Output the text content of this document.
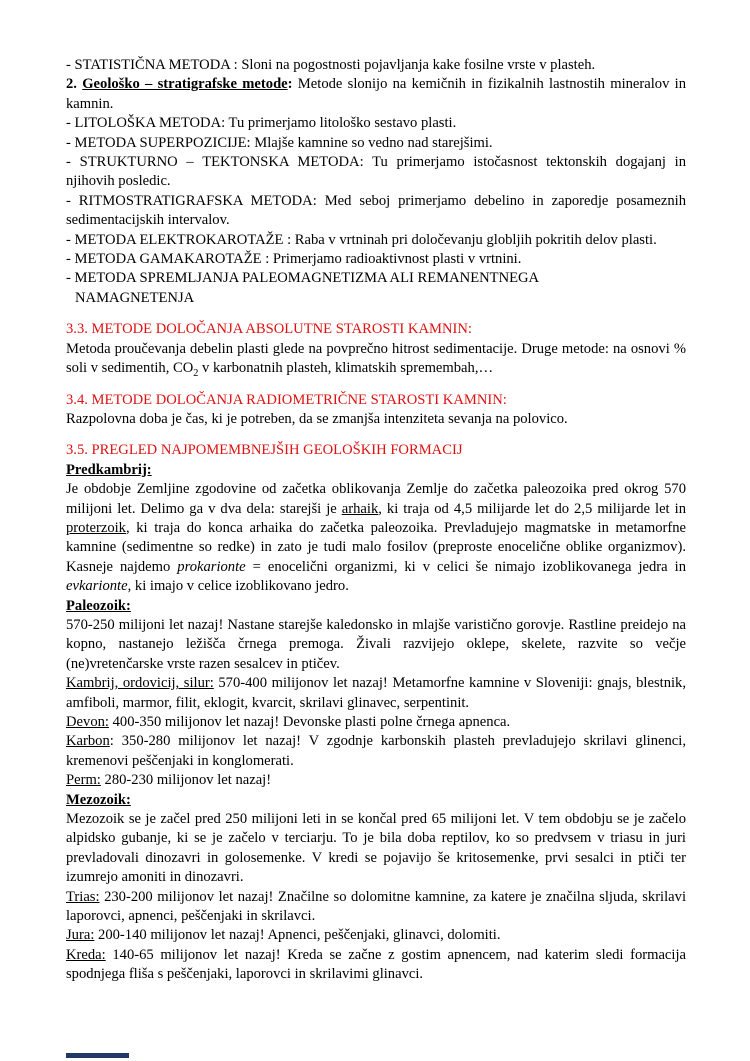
- STATISTIČNA METODA : Sloni na pogostnosti pojavljanja kake fosilne vrste v plasteh.
2. Geološko – stratigrafske metode: Metode slonijo na kemičnih in fizikalnih lastnostih mineralov in kamnin.
- LITOLOŠKA METODA: Tu primerjamo litološko sestavo plasti.
- METODA SUPERPOZICIJE: Mlajše kamnine so vedno nad starejšimi.
- STRUKTURNO – TEKTONSKA METODA: Tu primerjamo istočasnost tektonskih dogajanj in njihovih posledic.
- RITMOSTRATIGRAFSKA METODA: Med seboj primerjamo debelino in zaporedje posameznih sedimentacijskih intervalov.
- METODA ELEKTROKAROTAŽE : Raba v vrtninah pri določevanju globljih pokritih delov plasti.
- METODA GAMAKAROTAŽE : Primerjamo radioaktivnost plasti v vrtnini.
- METODA SPREMLJANJA PALEOMAGNETIZMA ALI REMANENTNEGA
NAMAGNETENJA
3.3. METODE DOLOČANJA ABSOLUTNE STAROSTI KAMNIN:
Metoda proučevanja debelin plasti glede na povprečno hitrost sedimentacije. Druge metode: na osnovi % soli v sedimentih, $CO_2$ v karbonatnih plasteh, klimatskih spremembah,…
3.4. METODE DOLOČANJA RADIOMETRIČNE STAROSTI KAMNIN:
Razpolovna doba je čas, ki je potreben, da se zmanjša intenziteta sevanja na polovico.
3.5. PREGLED NAJPOMEMBNEJŠIH GEOLOŠKIH FORMACIJ
Predkambrij:
Je obdobje Zemljine zgodovine od začetka oblikovanja Zemlje do začetka paleozoika pred okrog 570 milijoni let. Delimo ga v dva dela: starejši je arhaik, ki traja od 4,5 milijarde let do 2,5 milijarde let in proterzoik, ki traja do konca arhaika do začetka paleozoika. Prevladujejo magmatske in metamorfne kamnine (sedimentne so redke) in zato je tudi malo fosilov (preproste enocelične oblike organizmov). Kasneje najdemo prokarionte = enocelični organizmi, ki v celici še nimajo izoblikovanega jedra in evkarionte, ki imajo v celice izoblikovano jedro.
Paleozoik:
570-250 milijoni let nazaj! Nastane starejše kaledonsko in mlajše varistično gorovje. Rastline preidejo na kopno, nastanejo ležišča črnega premoga. Živali razvijejo oklepe, skelete, razvite so večje (ne)vretenčarske vrste razen sesalcev in ptičev.
Kambrij, ordovicij, silur: 570-400 milijonov let nazaj! Metamorfne kamnine v Sloveniji: gnajs, blestnik, amfiboli, marmor, filit, eklogit, kvarcit, skrilavi glinavec, serpentinit.
Devon: 400-350 milijonov let nazaj! Devonske plasti polne črnega apnenca.
Karbon: 350-280 milijonov let nazaj! V zgodnje karbonskih plasteh prevladujejo skrilavi glinenci, kremenovi peščenjaki in konglomerati.
Perm: 280-230 milijonov let nazaj!
Mezozoik:
Mezozoik se je začel pred 250 milijoni leti in se končal pred 65 milijoni let. V tem obdobju se je začelo alpidsko gubanje, ki se je začelo v terciarju. To je bila doba reptilov, ko so predvsem v triasu in juri prevladovali dinozavri in golosemenke. V kredi se pojavijo še kritosemenke, prvi sesalci in ptiči ter izumrejo amoniti in dinozavri.
Trias: 230-200 milijonov let nazaj! Značilne so dolomitne kamnine, za katere je značilna sljuda, skrilavi laporovci, apnenci, peščenjaki in skrilavci.
Jura: 200-140 milijonov let nazaj! Apnenci, peščenjaki, glinavci, dolomiti.
Kreda: 140-65 milijonov let nazaj! Kreda se začne z gostim apnencem, nad katerim sledi formacija spodnjega fliša s peščenjaki, laporovci in skrilavimi glinavci.
